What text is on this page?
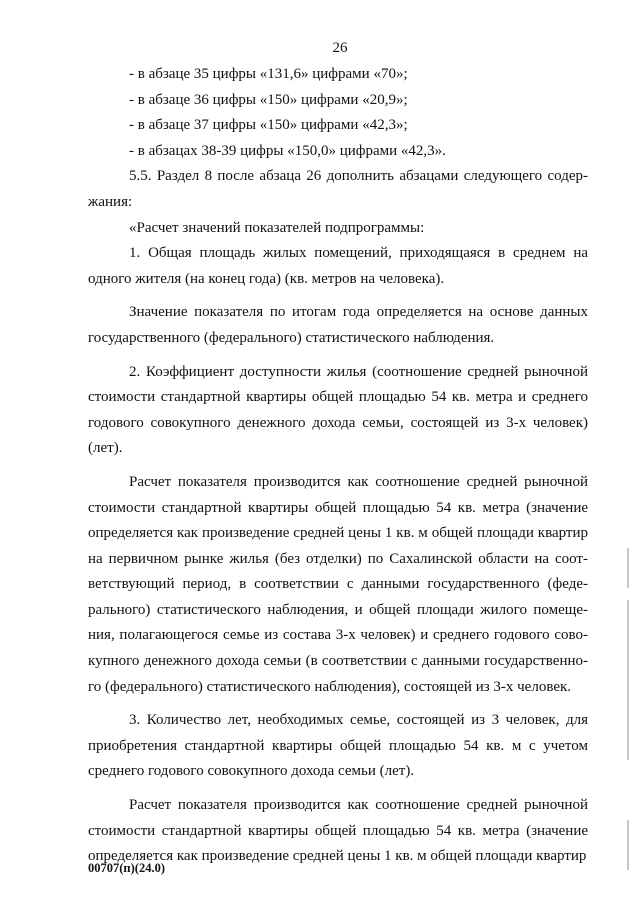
26

- в абзаце 35 цифры «131,6» цифрами «70»;

- в абзаце 36 цифры «150» цифрами «20,9»;

- в абзаце 37 цифры «150» цифрами «42,3»;

- в абзацах 38-39 цифры «150,0» цифрами «42,3».

5.5. Раздел 8 после абзаца 26 дополнить абзацами следующего содер-жания:

«Расчет значений показателей подпрограммы:

1. Общая площадь жилых помещений, приходящаяся в среднем на одного жителя (на конец года) (кв. метров на человека).

Значение показателя по итогам года определяется на основе данных государственного (федерального) статистического наблюдения.

2. Коэффициент доступности жилья (соотношение средней рыночной стоимости стандартной квартиры общей площадью 54 кв. метра и среднего годового совокупного денежного дохода семьи, состоящей из 3-х человек) (лет).

Расчет показателя производится как соотношение средней рыночной стоимости стандартной квартиры общей площадью 54 кв. метра (значение определяется как произведение средней цены 1 кв. м общей площади квартир на первичном рынке жилья (без отделки) по Сахалинской области на соот-ветствующий период, в соответствии с данными государственного (феде-рального) статистического наблюдения, и общей площади жилого помеще-ния, полагающегося семье из состава 3-х человек) и среднего годового сово-купного денежного дохода семьи (в соответствии с данными государственно-го (федерального) статистического наблюдения), состоящей из 3-х человек.

3. Количество лет, необходимых семье, состоящей из 3 человек, для приобретения стандартной квартиры общей площадью 54 кв. м с учетом среднего годового совокупного дохода семьи (лет).

Расчет показателя производится как соотношение средней рыночной стоимости стандартной квартиры общей площадью 54 кв. метра (значение определяется как произведение средней цены 1 кв. м общей площади квартир

00707(п)(24.0)
